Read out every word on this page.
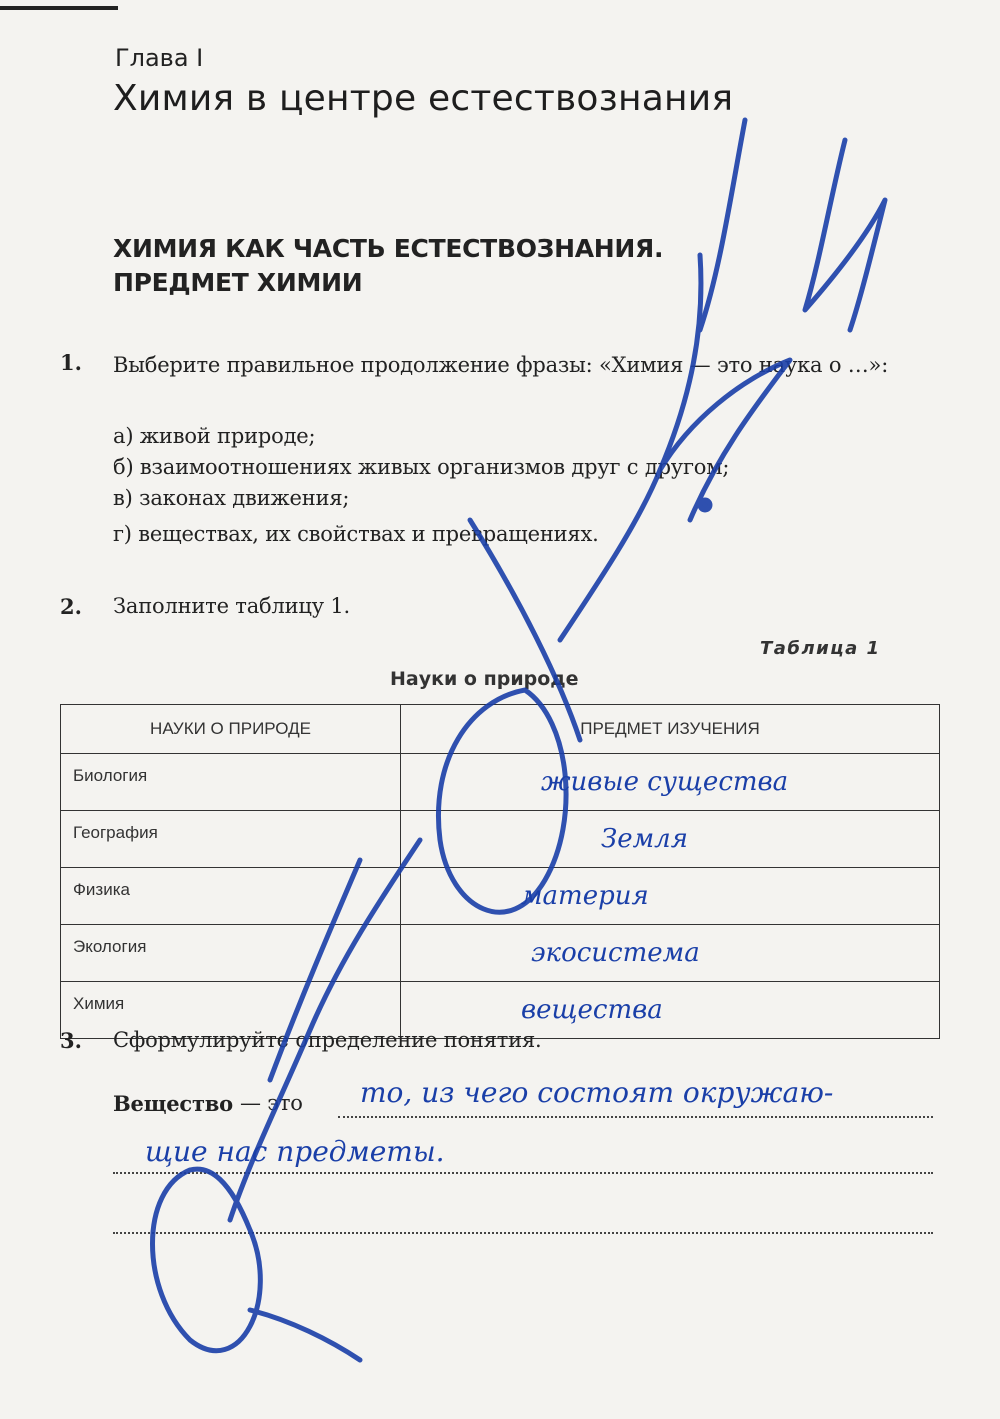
Глава I
Химия в центре естествознания
ХИМИЯ КАК ЧАСТЬ ЕСТЕСТВОЗНАНИЯ.
ПРЕДМЕТ ХИМИИ
1. Выберите правильное продолжение фразы: «Химия — это наука о …»:
а) живой природе;
б) взаимоотношениях живых организмов друг с другом;
в) законах движения;
г) веществах, их свойствах и превращениях.
2. Заполните таблицу 1.
Таблица 1
Науки о природе
НАУКИ О ПРИРОДЕ	ПРЕДМЕТ ИЗУЧЕНИЯ
Биология	живые существа
География	Земля
Физика	материя
Экология	экосистема
Химия	вещества
3. Сформулируйте определение понятия.
Вещество — это то, из чего состоят окружаю-
щие нас предметы.
